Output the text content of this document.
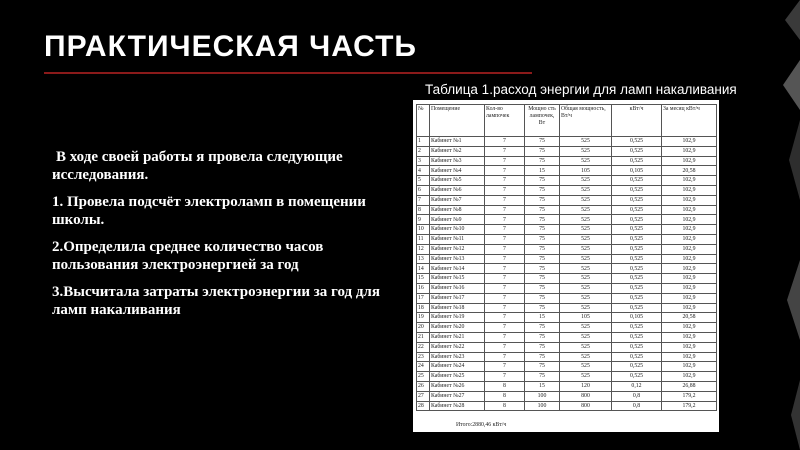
ПРАКТИЧЕСКАЯ ЧАСТЬ
Таблица 1.расход энергии для ламп накаливания

В ходе своей работы я провела следующие исследования.

1. Провела подсчёт электроламп в помещении школы.

2.Определила среднее количество часов пользования электроэнергией за год

3.Высчитала затраты электроэнергии за год для ламп накаливания

№	Помещение	Кол-во лампочек	Мощно сть лампочек, Вт	Общая мощность, Вт/ч	кВт/ч	За месяц кВт/ч
1	Кабинет №1	7	75	525	0,525	102,9
2	Кабинет №2	7	75	525	0,525	102,9
3	Кабинет №3	7	75	525	0,525	102,9
4	Кабинет №4	7	15	105	0,105	20,58
5	Кабинет №5	7	75	525	0,525	102,9
6	Кабинет №6	7	75	525	0,525	102,9
7	Кабинет №7	7	75	525	0,525	102,9
8	Кабинет №8	7	75	525	0,525	102,9
9	Кабинет №9	7	75	525	0,525	102,9
10	Кабинет №10	7	75	525	0,525	102,9
11	Кабинет №11	7	75	525	0,525	102,9
12	Кабинет №12	7	75	525	0,525	102,9
13	Кабинет №13	7	75	525	0,525	102,9
14	Кабинет №14	7	75	525	0,525	102,9
15	Кабинет №15	7	75	525	0,525	102,9
16	Кабинет №16	7	75	525	0,525	102,9
17	Кабинет №17	7	75	525	0,525	102,9
18	Кабинет №18	7	75	525	0,525	102,9
19	Кабинет №19	7	15	105	0,105	20,58
20	Кабинет №20	7	75	525	0,525	102,9
21	Кабинет №21	7	75	525	0,525	102,9
22	Кабинет №22	7	75	525	0,525	102,9
23	Кабинет №23	7	75	525	0,525	102,9
24	Кабинет №24	7	75	525	0,525	102,9
25	Кабинет №25	7	75	525	0,525	102,9
26	Кабинет №26	8	15	120	0,12	26,88
27	Кабинет №27	8	100	800	0,8	179,2
28	Кабинет №28	8	100	800	0,8	179,2
Итого:2880,46 кВт/ч
